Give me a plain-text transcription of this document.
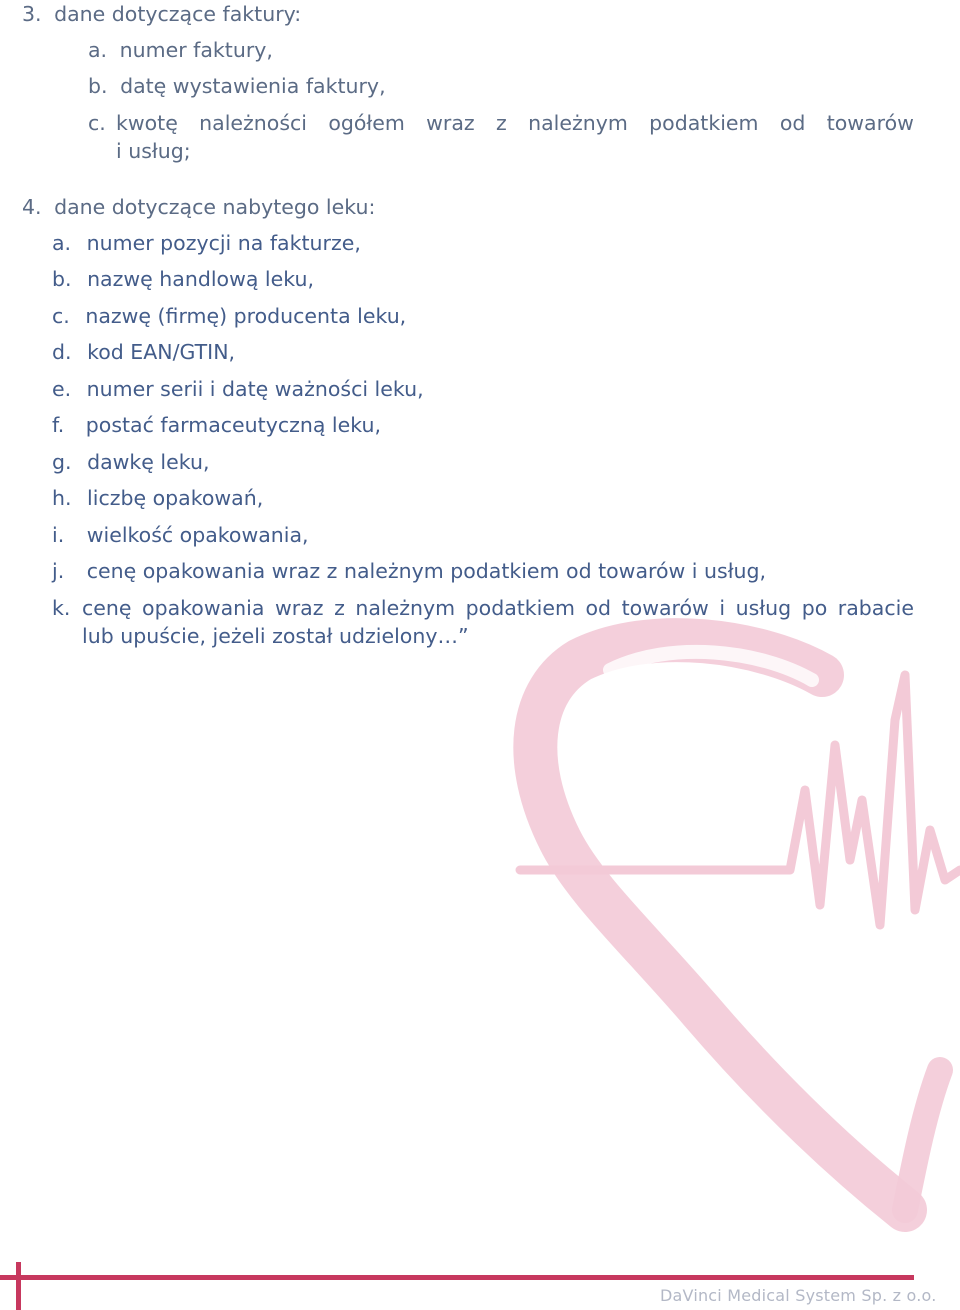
3. dane dotyczące faktury:
a. numer faktury,
b. datę wystawienia faktury,
c. kwotę należności ogółem wraz z należnym podatkiem od towarów
i usług;
4. dane dotyczące nabytego leku:
a. numer pozycji na fakturze,
b. nazwę handlową leku,
c. nazwę (firmę) producenta leku,
d. kod EAN/GTIN,
e. numer serii i datę ważności leku,
f. postać farmaceutyczną leku,
g. dawkę leku,
h. liczbę opakowań,
i. wielkość opakowania,
j. cenę opakowania wraz z należnym podatkiem od towarów i usług,
k. cenę opakowania wraz z należnym podatkiem od towarów i usług po rabacie
lub upuście, jeżeli został udzielony…”
DaVinci Medical System Sp. z o.o.
